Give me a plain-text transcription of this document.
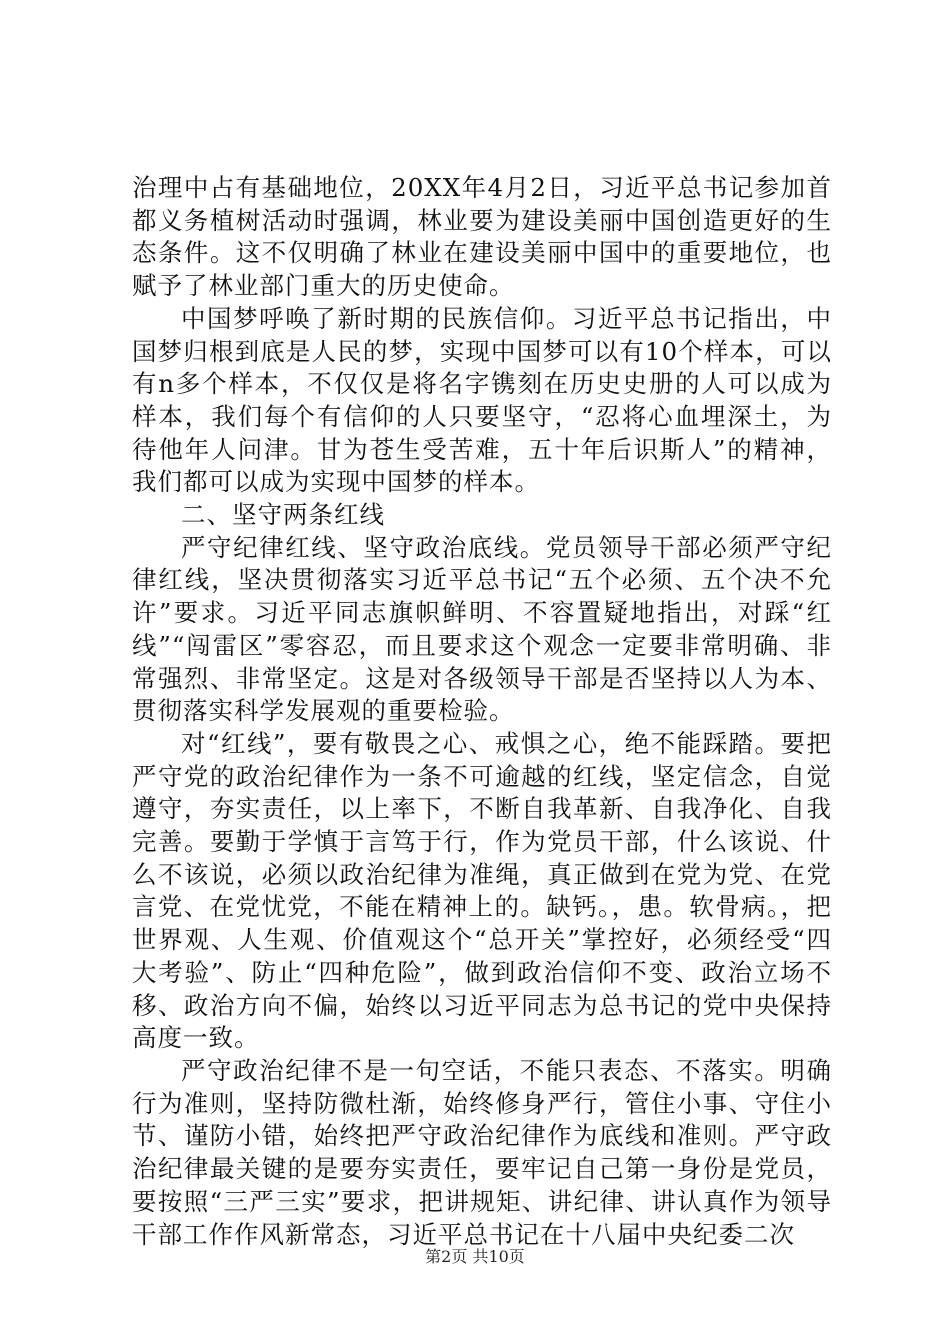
治理中占有基础地位，20XX年4月2日，习近平总书记参加首都义务植树活动时强调，林业要为建设美丽中国创造更好的生态条件。这不仅明确了林业在建设美丽中国中的重要地位，也赋予了林业部门重大的历史使命。

中国梦呼唤了新时期的民族信仰。习近平总书记指出，中国梦归根到底是人民的梦，实现中国梦可以有10个样本，可以有n多个样本，不仅仅是将名字镌刻在历史史册的人可以成为样本，我们每个有信仰的人只要坚守，“忍将心血埋深土，为待他年人问津。甘为苍生受苦难，五十年后识斯人”的精神，我们都可以成为实现中国梦的样本。

二、坚守两条红线

严守纪律红线、坚守政治底线。党员领导干部必须严守纪律红线，坚决贯彻落实习近平总书记“五个必须、五个决不允许”要求。习近平同志旗帜鲜明、不容置疑地指出，对踩“红线”“闯雷区”零容忍，而且要求这个观念一定要非常明确、非常强烈、非常坚定。这是对各级领导干部是否坚持以人为本、贯彻落实科学发展观的重要检验。

对“红线”，要有敬畏之心、戒惧之心，绝不能踩踏。要把严守党的政治纪律作为一条不可逾越的红线，坚定信念，自觉遵守，夯实责任，以上率下，不断自我革新、自我净化、自我完善。要勤于学慎于言笃于行，作为党员干部，什么该说、什么不该说，必须以政治纪律为准绳，真正做到在党为党、在党言党、在党忧党，不能在精神上的。缺钙。，患。软骨病。，把世界观、人生观、价值观这个“总开关”掌控好，必须经受“四大考验”、防止“四种危险”，做到政治信仰不变、政治立场不移、政治方向不偏，始终以习近平同志为总书记的党中央保持高度一致。

严守政治纪律不是一句空话，不能只表态、不落实。明确行为准则，坚持防微杜渐，始终修身严行，管住小事、守住小节、谨防小错，始终把严守政治纪律作为底线和准则。严守政治纪律最关键的是要夯实责任，要牢记自己第一身份是党员，要按照“三严三实”要求，把讲规矩、讲纪律、讲认真作为领导干部工作作风新常态，习近平总书记在十八届中央纪委二次

第2页 共10页
